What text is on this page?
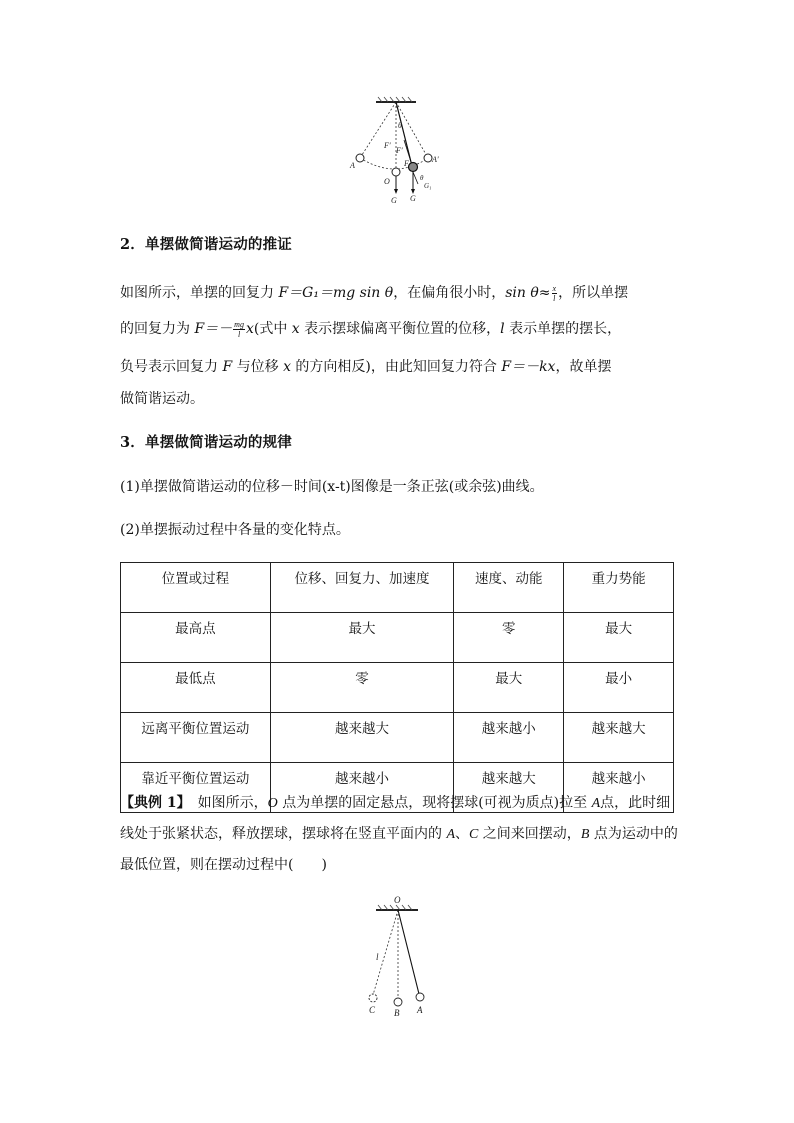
θ
F′
F′
F
A
A′
O	θ
G₁
G G
2．单摆做简谐运动的推证
如图所示，单摆的回复力 F＝G₁＝mg sin θ，在偏角很小时，$\sin \theta\approx \frac{x}{l}$ ，所以单摆
的回复力为 $F=- \frac{mg}{l} x$(式中 x 表示摆球偏离平衡位置的位移，l 表示单摆的摆长，
负号表示回复力 F 与位移 x 的方向相反)，由此知回复力符合 F＝－kx，故单摆
做简谐运动。
3．单摆做简谐运动的规律
(1)单摆做简谐运动的位移－时间(x-t)图像是一条正弦(或余弦)曲线。
(2)单摆振动过程中各量的变化特点。
位置或过程	位移、回复力、加速度	速度、动能	重力势能
最高点	最大	零	最大
最低点	零	最大	最小
远离平衡位置运动	越来越大	越来越小	越来越大
靠近平衡位置运动	越来越小	越来越大	越来越小
【典例 1】　如图所示，O 点为单摆的固定悬点，现将摆球(可视为质点)拉至 A点，此时细线处于张紧状态，释放摆球，摆球将在竖直平面内的 A、C 之间来回摆动，B 点为运动中的最低位置，则在摆动过程中(　　)
O
l
C B A
